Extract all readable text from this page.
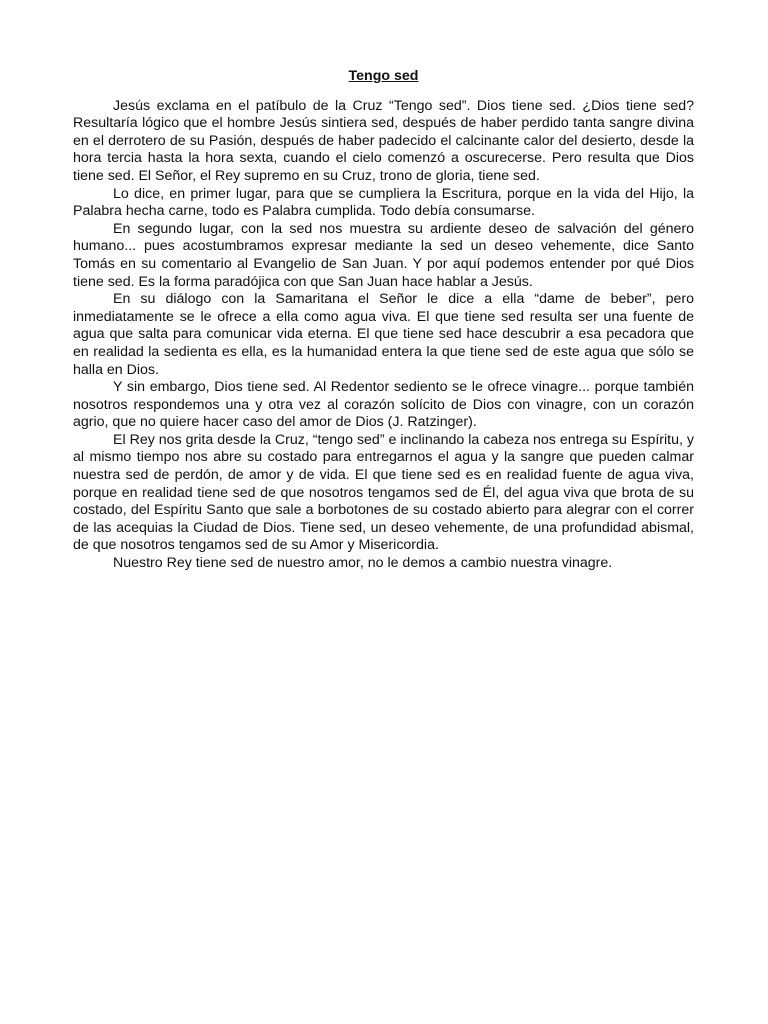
Tengo sed

Jesús exclama en el patíbulo de la Cruz “Tengo sed”. Dios tiene sed. ¿Dios tiene sed? Resultaría lógico que el hombre Jesús sintiera sed, después de haber perdido tanta sangre divina en el derrotero de su Pasión, después de haber padecido el calcinante calor del desierto, desde la hora tercia hasta la hora sexta, cuando el cielo comenzó a oscurecerse. Pero resulta que Dios tiene sed. El Señor, el Rey supremo en su Cruz, trono de gloria, tiene sed.

Lo dice, en primer lugar, para que se cumpliera la Escritura, porque en la vida del Hijo, la Palabra hecha carne, todo es Palabra cumplida. Todo debía consumarse.

En segundo lugar, con la sed nos muestra su ardiente deseo de salvación del género humano... pues acostumbramos expresar mediante la sed un deseo vehemente, dice Santo Tomás en su comentario al Evangelio de San Juan. Y por aquí podemos entender por qué Dios tiene sed. Es la forma paradójica con que San Juan hace hablar a Jesús.

En su diálogo con la Samaritana el Señor le dice a ella “dame de beber”, pero inmediatamente se le ofrece a ella como agua viva. El que tiene sed resulta ser una fuente de agua que salta para comunicar vida eterna. El que tiene sed hace descubrir a esa pecadora que en realidad la sedienta es ella, es la humanidad entera la que tiene sed de este agua que sólo se halla en Dios.

Y sin embargo, Dios tiene sed. Al Redentor sediento se le ofrece vinagre... porque también nosotros respondemos una y otra vez al corazón solícito de Dios con vinagre, con un corazón agrio, que no quiere hacer caso del amor de Dios (J. Ratzinger).

El Rey nos grita desde la Cruz, “tengo sed” e inclinando la cabeza nos entrega su Espíritu, y al mismo tiempo nos abre su costado para entregarnos el agua y la sangre que pueden calmar nuestra sed de perdón, de amor y de vida. El que tiene sed es en realidad fuente de agua viva, porque en realidad tiene sed de que nosotros tengamos sed de Él, del agua viva que brota de su costado, del Espíritu Santo que sale a borbotones de su costado abierto para alegrar con el correr de las acequias la Ciudad de Dios. Tiene sed, un deseo vehemente, de una profundidad abismal, de que nosotros tengamos sed de su Amor y Misericordia.

Nuestro Rey tiene sed de nuestro amor, no le demos a cambio nuestra vinagre.
